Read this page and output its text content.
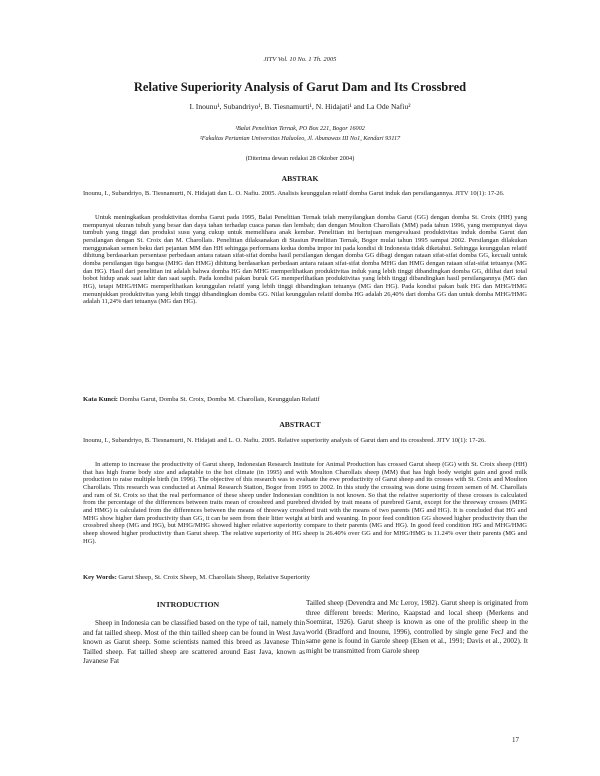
JITV Vol. 10 No. 1 Th. 2005
Relative Superiority Analysis of Garut Dam and Its Crossbred
I. Inounu¹, Subandriyo¹, B. Tiesnamurti¹, N. Hidajati¹ and La Ode Nafiu²
¹Balai Penelitian Ternak, PO Box 221, Bogor 16002
²Fakultas Pertanian Universitas Haluoleo, Jl. Abunawas III No1, Kendari 93117
(Diterima dewan redaksi 28 Oktober 2004)
ABSTRAK

Inounu, I., Subandriyo, B. Tiesnamurti, N. Hidajati dan L. O. Nafiu. 2005. Analisis keunggulan relatif domba Garut induk dan persilangannya. JITV 10(1): 17-26.

Untuk meningkatkan produktivitas domba Garut pada 1995, Balai Penelitian Ternak telah menyilangkan domba Garut (GG) dengan domba St. Croix (HH) yang mempunyai ukuran tubuh yang besar dan daya tahan terhadap cuaca panas dan lembab; dan dengan Moulton Charollais (MM) pada tahun 1996, yang mempunyai daya tumbuh yang tinggi dan produksi susu yang cukup untuk memelihara anak kembar. Penelitian ini bertujuan mengevaluasi produktivitas induk domba Garut dan persilangan dengan St. Croix dan M. Charollais. Penelitian dilaksanakan di Stasiun Penelitian Ternak, Bogor mulai tahun 1995 sampai 2002. Persilangan dilakukan menggunakan semen beku dari pejantan MM dan HH sehingga performans kedua domba impor ini pada kondisi di Indonesia tidak diketahui. Sehingga keunggulan relatif dihitung berdasarkan persentase perbedaan antara rataan sifat-sifat domba hasil persilangan dengan domba GG dibagi dengan rataan sifat-sifat domba GG, kecuali untuk domba persilangan tiga bangsa (MHG dan HMG) dihitung berdasarkan perbedaan antara rataan sifat-sifat domba MHG dan HMG dengan rataan sifat-sifat tetuanya (MG dan HG). Hasil dari penelitian ini adalah bahwa domba HG dan MHG memperlihatkan produktivitas induk yang lebih tinggi dibandingkan domba GG, dilihat dari total bobot hidup anak saat lahir dan saat sapih. Pada kondisi pakan buruk GG memperlihatkan produktivitas yang lebih tinggi dibandingkan hasil persilangannya (MG dan HG), tetapi MHG/HMG memperlihatkan keunggulan relatif yang lebih tinggi dibandingkan tetuanya (MG dan HG). Pada kondisi pakan baik HG dan MHG/HMG menunjukkan produktivitas yang lebih tinggi dibandingkan domba GG. Nilai keunggulan relatif domba HG adalah 26,40% dari domba GG dan untuk domba MHG/HMG adalah 11,24% dari tetuanya (MG dan HG).

Kata Kunci: Domba Garut, Domba St. Croix, Domba M. Charollais, Keunggulan Relatif
ABSTRACT

Inounu, I., Subandriyo, B. Tiesnamurti, N. Hidajati and L. O. Nafiu. 2005. Relative superiority analysis of Garut dam and its crossbred. JITV 10(1): 17-26.

In attemp to increase the productivity of Garut sheep, Indonesian Research Institute for Animal Production has crossed Garut sheep (GG) with St. Croix sheep (HH) that has high frame body size and adaptable to the hot climate (in 1995) and with Moulton Charollais sheep (MM) that has high body weight gain and good milk production to raise multiple birth (in 1996). The objective of this research was to evaluate the ewe productivity of Garut sheep and its crosses with St. Croix and Moulton Charollais. This research was conducted at Animal Research Station, Bogor from 1995 to 2002. In this study the crossing was done using frozen semen of M. Charollais and ram of St. Croix so that the real performance of these sheep under Indonesian condition is not known. So that the relative superiority of these crosses is calculated from the percentage of the differences between traits mean of crossbred and purebred divided by trait means of purebred Garut, except for the threeway crosses (MHG and HMG) is calculated from the differences between the means of threeway crossbred trait with the means of two parents (MG and HG). It is concluded that HG and MHG show higher dam productivity than GG, it can be seen from their litter weight at birth and weaning. In poor feed condition GG showed higher productivity than the crossbred sheep (MG and HG), but MHG/MHG showed higher relative superiority compare to their parents (MG and HG). In good feed condition HG and MHG/HMG sheep showed higher productivity than Garut sheep. The relative superiority of HG sheep is 26.40% over GG and for MHG/HMG is 11.24% over their parents (MG and HG).

Key Words: Garut Sheep, St. Croix Sheep, M. Charollais Sheep, Relative Superiority
INTRODUCTION

Sheep in Indonesia can be classified based on the type of tail, namely thin and fat tailled sheep. Most of the thin tailled sheep can be found in West Java known as Garut sheep. Some scientists named this breed as Javanese Thin Tailled sheep. Fat tailled sheep are scattered around East Java, known as Javanese Fat

Tailled sheep (Devendra and Mc Leroy, 1982). Garut sheep is originated from three different breeds: Merino, Kaapstad and local sheep (Merkens and Soemirat, 1926). Garut sheep is known as one of the prolific sheep in the world (Bradford and Inounu, 1996), controlled by single gene FecJ and the same gene is found in Garole sheep (Elsen et al., 1991; Davis et al., 2002). It might be transmitted from Garole sheep

17
